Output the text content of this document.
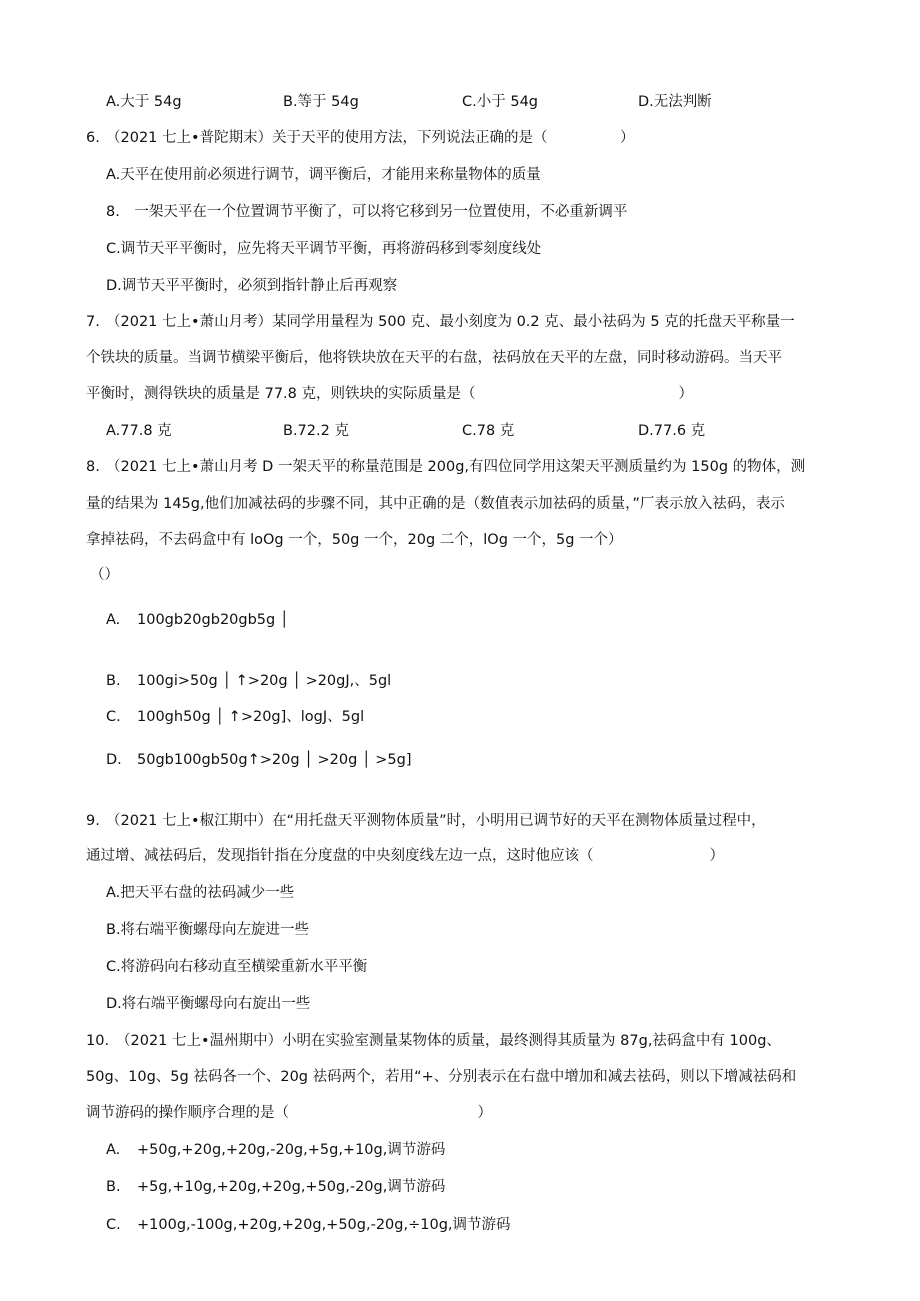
A.大于 54g	B.等于 54g	C.小于 54g	D.无法判断
6. （2021 七上•普陀期末）关于天平的使用方法，下列说法正确的是（　　　　　）
A.天平在使用前必须进行调节，调平衡后，才能用来称量物体的质量
8.　一架天平在一个位置调节平衡了，可以将它移到另一位置使用，不必重新调平
C.调节天平平衡时，应先将天平调节平衡，再将游码移到零刻度线处
D.调节天平平衡时，必须到指针静止后再观察
7. （2021 七上•萧山月考）某同学用量程为 500 克、最小刻度为 0.2 克、最小祛码为 5 克的托盘天平称量一
个铁块的质量。当调节横梁平衡后，他将铁块放在天平的右盘，祛码放在天平的左盘，同时移动游码。当天平
平衡时，测得铁块的质量是 77.8 克，则铁块的实际质量是（　　　　　　　　　　　　　　）
A.77.8 克	B.72.2 克	C.78 克	D.77.6 克
8. （2021 七上•萧山月考 D 一架天平的称量范围是 200g,有四位同学用这架天平测质量约为 150g 的物体，测
量的结果为 145g,他们加减祛码的步骤不同，其中正确的是（数值表示加祛码的质量，”厂表示放入祛码，表示
拿掉祛码，不去码盒中有 loOg 一个，50g 一个，20g 二个，lOg 一个，5g 一个）
（）
A. 100gb20gb20gb5g │
B. 100gi>50g │ ↑>20g │ >20gJ,、5gl
C. 100gh50g │ ↑>20g]、logJ、5gl
D. 50gb100gb50g↑>20g │ >20g │ >5g]
9. （2021 七上•椒江期中）在“用托盘天平测物体质量”时，小明用已调节好的天平在测物体质量过程中，
通过增、减祛码后，发现指针指在分度盘的中央刻度线左边一点，这时他应该（　　　　　　　　）
A.把天平右盘的祛码减少一些
B.将右端平衡螺母向左旋进一些
C.将游码向右移动直至横梁重新水平平衡
D.将右端平衡螺母向右旋出一些
10. （2021 七上•温州期中）小明在实验室测量某物体的质量，最终测得其质量为 87g,祛码盒中有 100g、
50g、10g、5g 祛码各一个、20g 祛码两个，若用“+、分别表示在右盘中增加和减去祛码，则以下增减祛码和
调节游码的操作顺序合理的是（　　　　　　　　　　　　　）
A. +50g,+20g,+20g,-20g,+5g,+10g,调节游码
B. +5g,+10g,+20g,+20g,+50g,-20g,调节游码
C. +100g,-100g,+20g,+20g,+50g,-20g,÷10g,调节游码
